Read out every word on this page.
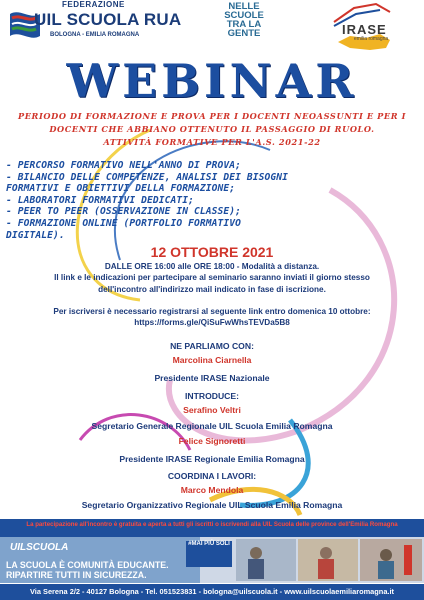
FEDERAZIONE
UIL SCUOLA RUA
BOLOGNA - EMILIA ROMAGNA
NELLE
SCUOLE
TRA LA
GENTE	IRASE
emilia romagna
WEBINAR
PERIODO DI FORMAZIONE E PROVA PER I DOCENTI NEOASSUNTI E PER I
DOCENTI CHE ABBIANO OTTENUTO IL PASSAGGIO DI RUOLO.
ATTIVITÀ FORMATIVE PER L'A.S. 2021-22
- PERCORSO FORMATIVO NELL'ANNO DI PROVA;
- BILANCIO DELLE COMPETENZE, ANALISI DEI BISOGNI
FORMATIVI E OBIETTIVI DELLA FORMAZIONE;
- LABORATORI FORMATIVI DEDICATI;
- PEER TO PEER (OSSERVAZIONE IN CLASSE);
- FORMAZIONE ONLINE (PORTFOLIO FORMATIVO
DIGITALE).
12 OTTOBRE 2021
DALLE ORE 16:00 alle ORE 18:00 - Modalità a distanza.
Il link e le indicazioni per partecipare al seminario saranno inviati il giorno stesso
dell'incontro all'indirizzo mail indicato in fase di iscrizione.
Per iscriversi è necessario registrarsi al seguente link entro domenica 10 ottobre:
https://forms.gle/QiSuFwWhsTEVDa5B8
NE PARLIAMO CON:
Marcolina Ciarnella
Presidente IRASE Nazionale
INTRODUCE:
Serafino Veltri
Segretario Generale Regionale UIL Scuola Emilia Romagna
Felice Signoretti
Presidente IRASE Regionale Emilia Romagna
COORDINA I LAVORI:
Marco Mendola
Segretario Organizzativo Regionale UIL Scuola Emilia Romagna
La partecipazione all'incontro è gratuita e aperta a tutti gli iscritti o iscrivendi alla UIL Scuola delle province dell'Emilia Romagna
UILSCUOLA
LA SCUOLA È COMUNITÀ EDUCANTE.
RIPARTIRE TUTTI IN SICUREZZA.
#MAI PIÙ SOLI
Via Serena 2/2 - 40127 Bologna - Tel. 051523831 - bologna@uilscuola.it - www.uilscuolaemiliaromagna.it
